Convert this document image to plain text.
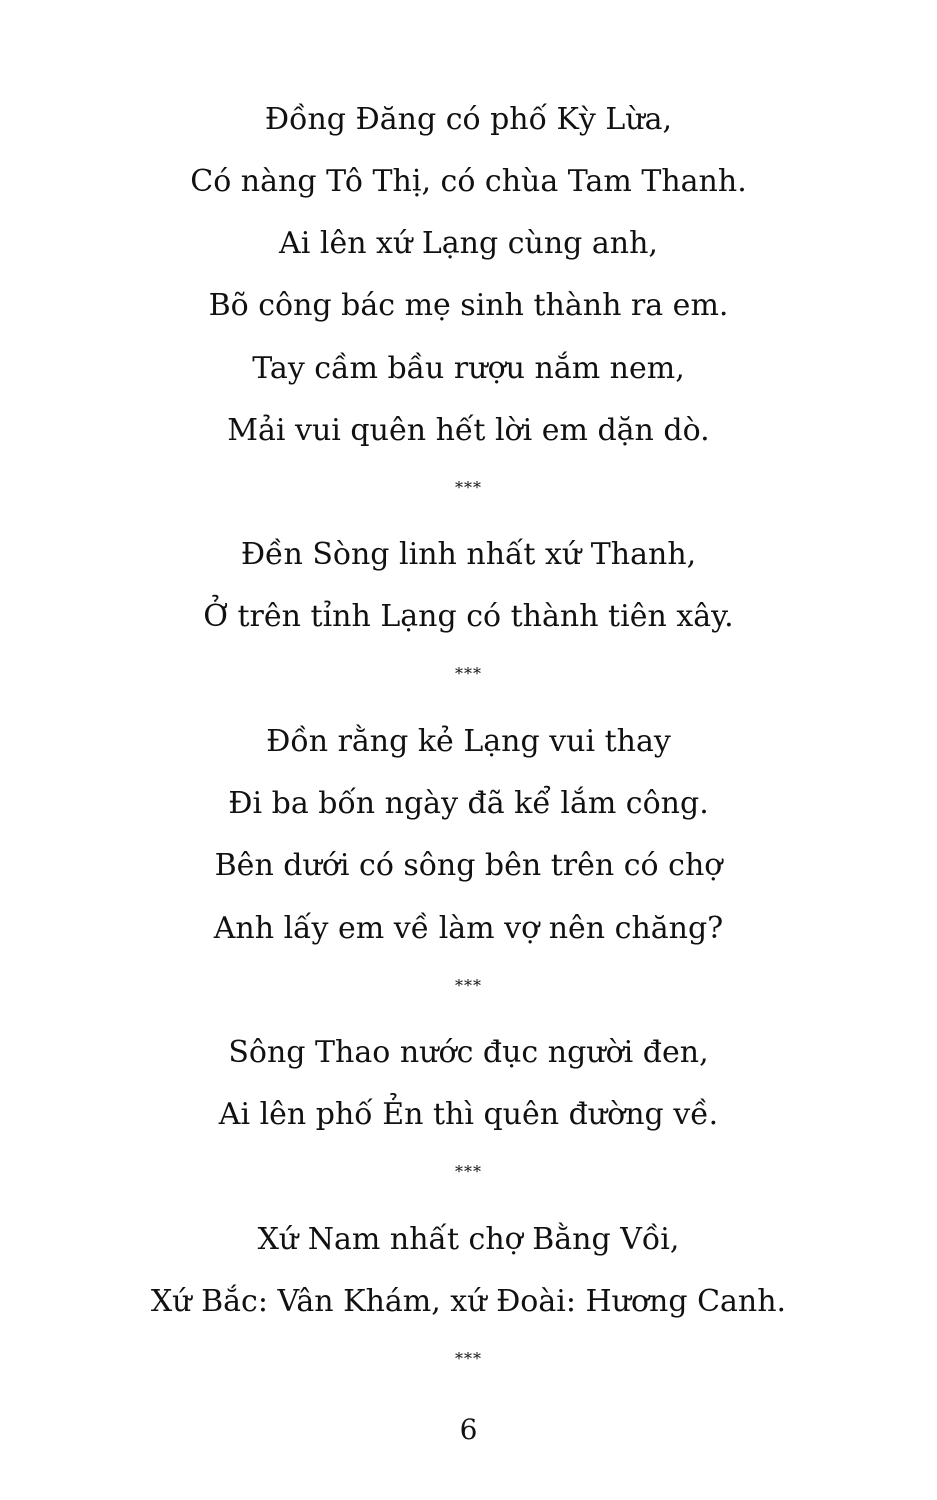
Đồng Đăng có phố Kỳ Lừa,
Có nàng Tô Thị, có chùa Tam Thanh.
Ai lên xứ Lạng cùng anh,
Bõ công bác mẹ sinh thành ra em.
Tay cầm bầu rượu nắm nem,
Mải vui quên hết lời em dặn dò.
***
Đền Sòng linh nhất xứ Thanh,
Ở trên tỉnh Lạng có thành tiên xây.
***
Đồn rằng kẻ Lạng vui thay
Đi ba bốn ngày đã kể lắm công.
Bên dưới có sông bên trên có chợ
Anh lấy em về làm vợ nên chăng?
***
Sông Thao nước đục người đen,
Ai lên phố Ẻn thì quên đường về.
***
Xứ Nam nhất chợ Bằng Vồi,
Xứ Bắc: Vân Khám, xứ Đoài: Hương Canh.
***
6
